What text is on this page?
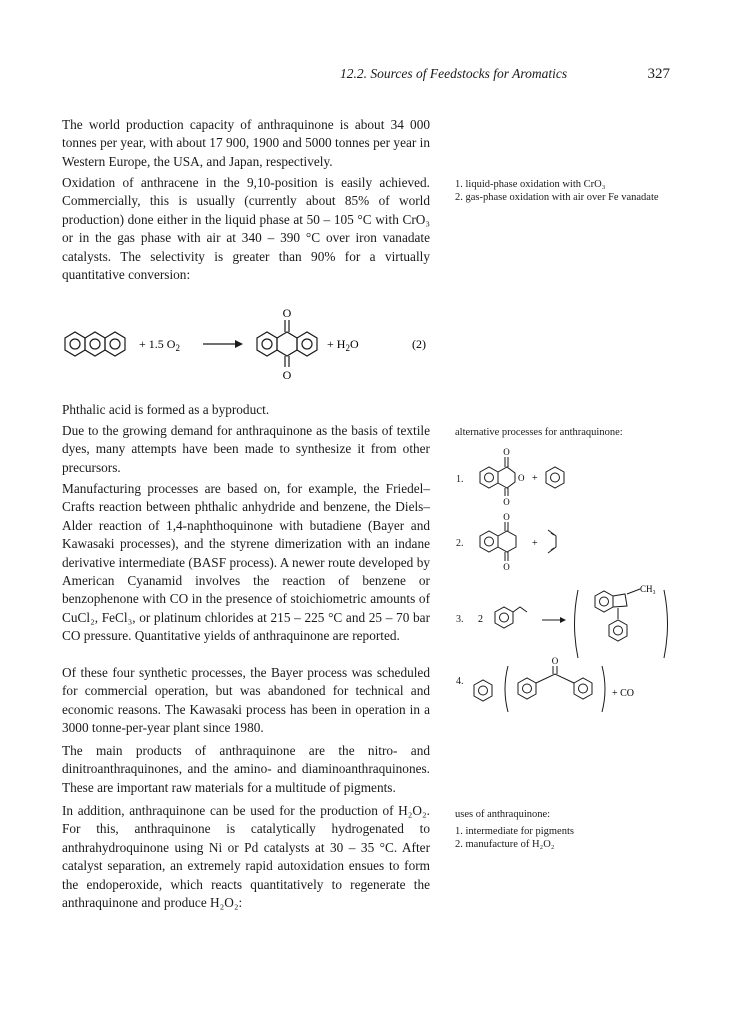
12.2. Sources of Feedstocks for Aromatics	327

The world production capacity of anthraquinone is about 34 000 tonnes per year, with about 17 900, 1900 and 5000 tonnes per year in Western Europe, the USA, and Japan, respectively.

Oxidation of anthracene in the 9,10-position is easily achieved. Commercially, this is usually (currently about 85% of world production) done either in the liquid phase at 50 – 105 °C with CrO₃ or in the gas phase with air at 340 – 390 °C over iron vanadate catalysts. The selectivity is greater than 90% for a virtually quantitative conversion:

+ 1.5 $O_2$
O
O
+ $H_2O$	(2)

Phthalic acid is formed as a byproduct.

Due to the growing demand for anthraquinone as the basis of textile dyes, many attempts have been made to synthesize it from other precursors.

Manufacturing processes are based on, for example, the Friedel–Crafts reaction between phthalic anhydride and benzene, the Diels–Alder reaction of 1,4-naphthoquinone with butadiene (Bayer and Kawasaki processes), and the styrene dimerization with an indane derivative intermediate (BASF process). A newer route developed by American Cyanamid involves the reaction of benzene or benzophenone with CO in the presence of stoichiometric amounts of CuCl₂, FeCl₃, or platinum chlorides at 215 – 225 °C and 25 – 70 bar CO pressure. Quantitative yields of anthraquinone are reported.

Of these four synthetic processes, the Bayer process was scheduled for commercial operation, but was abandoned for technical and economic reasons. The Kawasaki process has been in operation in a 3000 tonne-per-year plant since 1980.

The main products of anthraquinone are the nitro- and dinitroanthraquinones, and the amino- and diaminoanthraquinones. These are important raw materials for a multitude of pigments.

In addition, anthraquinone can be used for the production of H₂O₂. For this, anthraquinone is catalytically hydrogenated to anthrahydroquinone using Ni or Pd catalysts at 30 – 35 °C. After catalyst separation, an extremely rapid autoxidation ensues to form the endoperoxide, which reacts quantitatively to regenerate the anthraquinone and produce H₂O₂:

1. liquid-phase oxidation with CrO₃
2. gas-phase oxidation with air over Fe vanadate
alternative processes for anthraquinone:
1.
2.
3.
4.
O
O
O +
O
O
+
2
CH₃
O
+ CO
uses of anthraquinone:
1. intermediate for pigments
2. manufacture of H₂O₂
